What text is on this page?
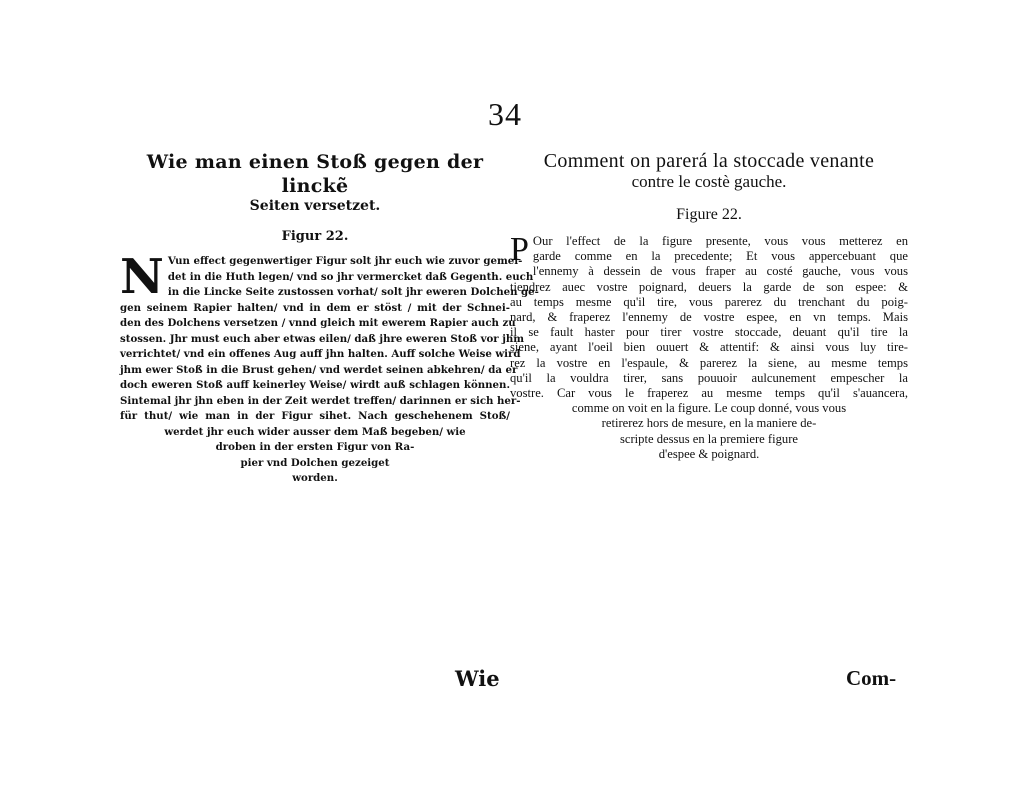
34
Wie man einen Stoß gegen der linckẽ
Seiten versetzet.
Figur 22.
N Vun effect gegenwertiger Figur solt jhr euch wie zuvor gemel-
det in die Huth legen/ vnd so jhr vermercket daß Gegenth. euch
in die Lincke Seite zustossen vorhat/ solt jhr eweren Dolchen ge-
gen seinem Rapier halten/ vnd in dem er stöst / mit der Schnei-
den des Dolchens versetzen / vnnd gleich mit ewerem Rapier auch zu
stossen. Jhr must euch aber etwas eilen/ daß jhre eweren Stoß vor jhm
verrichtet/ vnd ein offenes Aug auff jhn halten. Auff solche Weise wird
jhm ewer Stoß in die Brust gehen/ vnd werdet seinen abkehren/ da er
doch eweren Stoß auff keinerley Weise/ wirdt auß schlagen können.
Sintemal jhr jhn eben in der Zeit werdet treffen/ darinnen er sich her-
für thut/ wie man in der Figur sihet. Nach geschehenem Stoß/
werdet jhr euch wider ausser dem Maß begeben/ wie
droben in der ersten Figur von Ra-
pier vnd Dolchen gezeiget
worden.
Comment on parerá la stoccade venante
contre le costè gauche.
Figure 22.
P Our l'effect de la figure presente, vous vous metterez en
garde comme en la precedente; Et vous appercebuant que
l'ennemy à dessein de vous fraper au costé gauche, vous vous
tiendrez auec vostre poignard, deuers la garde de son espee: &
au temps mesme qu'il tire, vous parerez du trenchant du poig-
nard, & fraperez l'ennemy de vostre espee, en vn temps. Mais
il se fault haster pour tirer vostre stoccade, deuant qu'il tire la
siene, ayant l'oeil bien ouuert & attentif: & ainsi vous luy tire-
rez la vostre en l'espaule, & parerez la siene, au mesme temps
qu'il la vouldra tirer, sans pouuoir aulcunement empescher la
vostre. Car vous le fraperez au mesme temps qu'il s'auancera,
comme on voit en la figure. Le coup donné, vous vous
retirerez hors de mesure, en la maniere de-
scripte dessus en la premiere figure
d'espee & poignard.
Wie	Com-
